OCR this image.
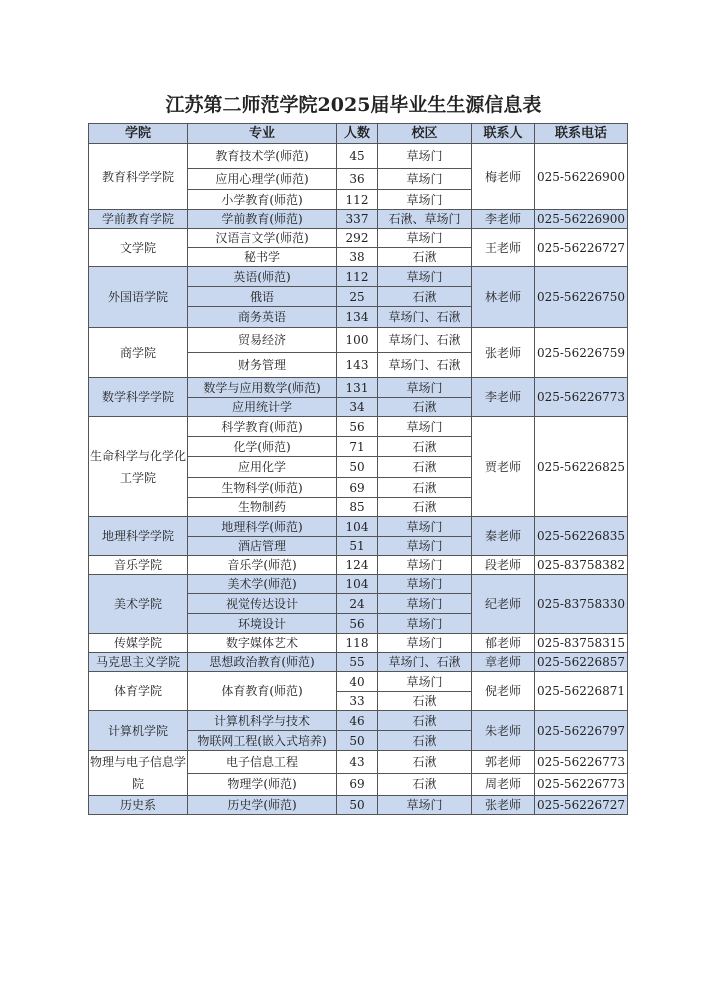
江苏第二师范学院2025届毕业生生源信息表
学院	专业	人数	校区	联系人	联系电话
教育科学学院	教育技术学(师范)	45	草场门	梅老师	025-56226900
	应用心理学(师范)	36	草场门		
	小学教育(师范)	112	草场门		
学前教育学院	学前教育(师范)	337	石湫、草场门	李老师	025-56226900
文学院	汉语言文学(师范)	292	草场门	王老师	025-56226727
	秘书学	38	石湫		
外国语学院	英语(师范)	112	草场门	林老师	025-56226750
	俄语	25	石湫		
	商务英语	134	草场门、石湫		
商学院	贸易经济	100	草场门、石湫	张老师	025-56226759
	财务管理	143	草场门、石湫		
数学科学学院	数学与应用数学(师范)	131	草场门	李老师	025-56226773
	应用统计学	34	石湫		
生命科学与化学化工学院	科学教育(师范)	56	草场门	贾老师	025-56226825
	化学(师范)	71	石湫		
	应用化学	50	石湫		
	生物科学(师范)	69	石湫		
	生物制药	85	石湫		
地理科学学院	地理科学(师范)	104	草场门	秦老师	025-56226835
	酒店管理	51	草场门		
音乐学院	音乐学(师范)	124	草场门	段老师	025-83758382
美术学院	美术学(师范)	104	草场门	纪老师	025-83758330
	视觉传达设计	24	草场门		
	环境设计	56	草场门		
传媒学院	数字媒体艺术	118	草场门	郁老师	025-83758315
马克思主义学院	思想政治教育(师范)	55	草场门、石湫	章老师	025-56226857
体育学院	体育教育(师范)	40	草场门	倪老师	025-56226871
		33	石湫		
计算机学院	计算机科学与技术	46	石湫	朱老师	025-56226797
	物联网工程(嵌入式培养)	50	石湫		
物理与电子信息学院	电子信息工程	43	石湫	郭老师	025-56226773
	物理学(师范)	69	石湫	周老师	025-56226773
历史系	历史学(师范)	50	草场门	张老师	025-56226727
